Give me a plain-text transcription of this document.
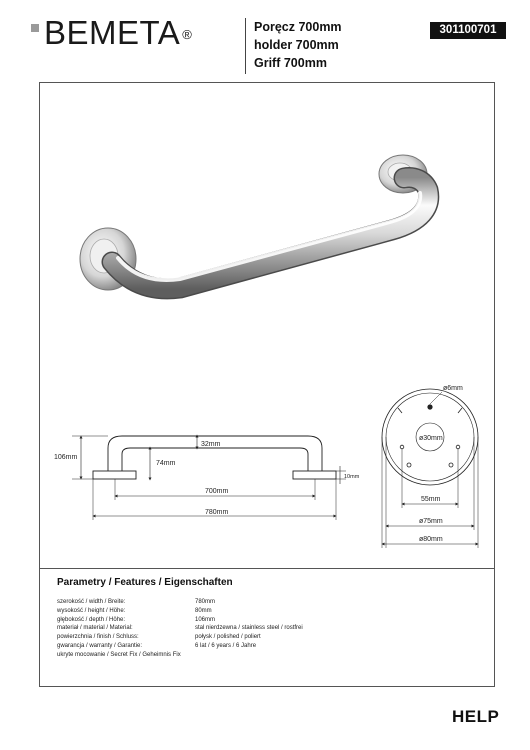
BEMETA ®	Poręcz 700mm
holder 700mm
Griff 700mm
301100701
106mm
74mm
32mm
10mm
700mm
780mm
ø6mm
ø30mm
55mm
ø75mm
ø80mm
Parametry / Features / Eigenschaften
szerokość / width / Breite:	780mm
wysokość / height / Höhe:	80mm
głębokość / depth / Höhe:	106mm
materiał / material / Material:	stal nierdzewna / stainless steel / rostfrei
powierzchnia / finish / Schluss:	połysk / polished / poliert
gwarancja / warranty / Garantie:	6 lat / 6 years / 6 Jahre
ukryte mocowanie / Secret Fix / Geheimnis Fix
HELP
